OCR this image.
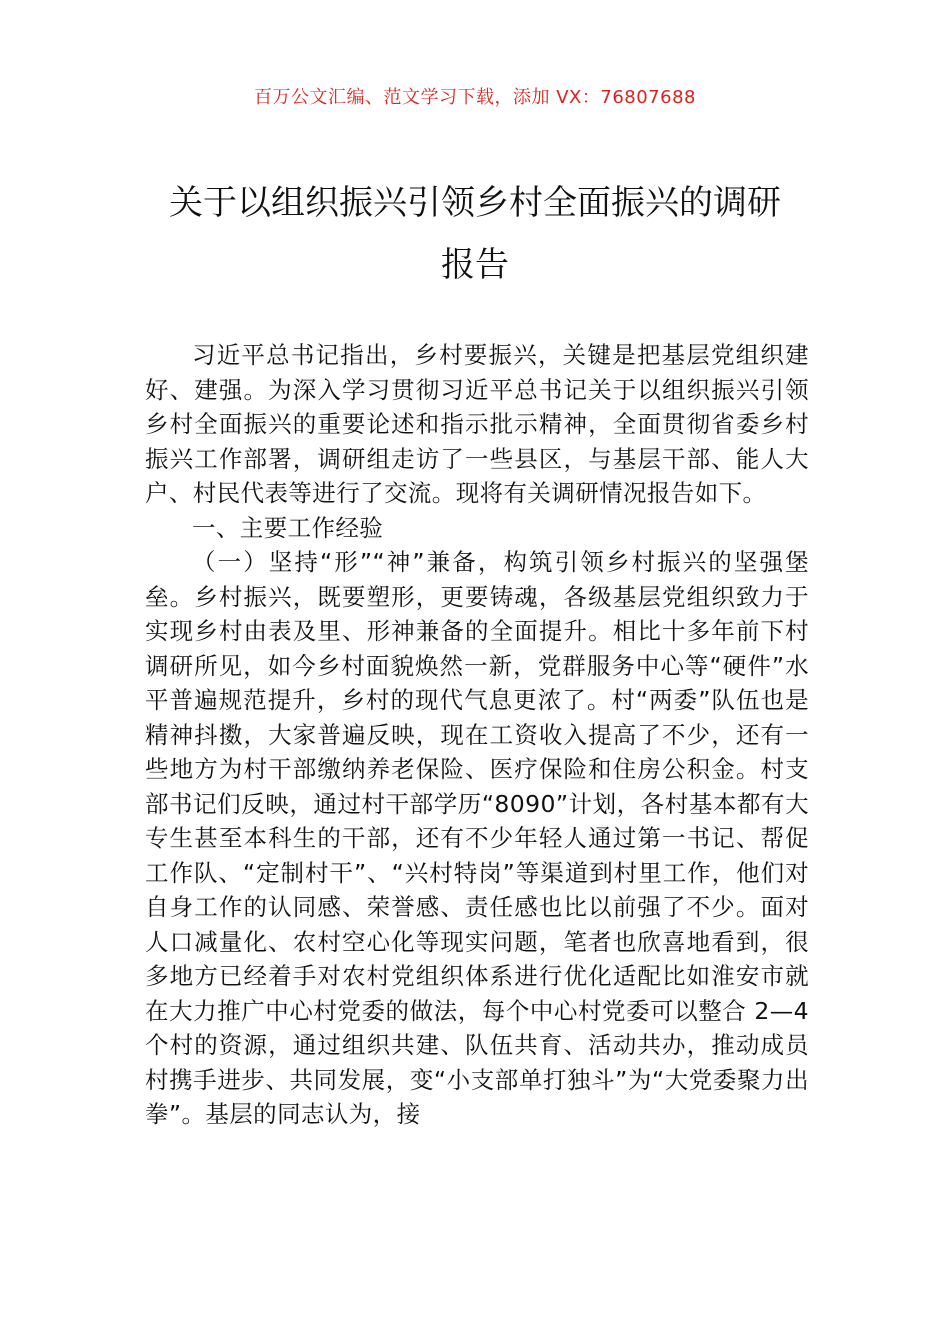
百万公文汇编、范文学习下载，添加 VX：76807688
关于以组织振兴引领乡村全面振兴的调研
报告

习近平总书记指出，乡村要振兴，关键是把基层党组织建好、建强。为深入学习贯彻习近平总书记关于以组织振兴引领乡村全面振兴的重要论述和指示批示精神，全面贯彻省委乡村振兴工作部署，调研组走访了一些县区，与基层干部、能人大户、村民代表等进行了交流。现将有关调研情况报告如下。

一、主要工作经验

（一）坚持“形”“神”兼备，构筑引领乡村振兴的坚强堡垒。乡村振兴，既要塑形，更要铸魂，各级基层党组织致力于实现乡村由表及里、形神兼备的全面提升。相比十多年前下村调研所见，如今乡村面貌焕然一新，党群服务中心等“硬件”水平普遍规范提升，乡村的现代气息更浓了。村“两委”队伍也是精神抖擞，大家普遍反映，现在工资收入提高了不少，还有一些地方为村干部缴纳养老保险、医疗保险和住房公积金。村支部书记们反映，通过村干部学历“8090”计划，各村基本都有大专生甚至本科生的干部，还有不少年轻人通过第一书记、帮促工作队、“定制村干”、“兴村特岗”等渠道到村里工作，他们对自身工作的认同感、荣誉感、责任感也比以前强了不少。面对人口减量化、农村空心化等现实问题，笔者也欣喜地看到，很多地方已经着手对农村党组织体系进行优化适配比如淮安市就在大力推广中心村党委的做法，每个中心村党委可以整合 2—4 个村的资源，通过组织共建、队伍共育、活动共办，推动成员村携手进步、共同发展，变“小支部单打独斗”为“大党委聚力出拳”。基层的同志认为，接
